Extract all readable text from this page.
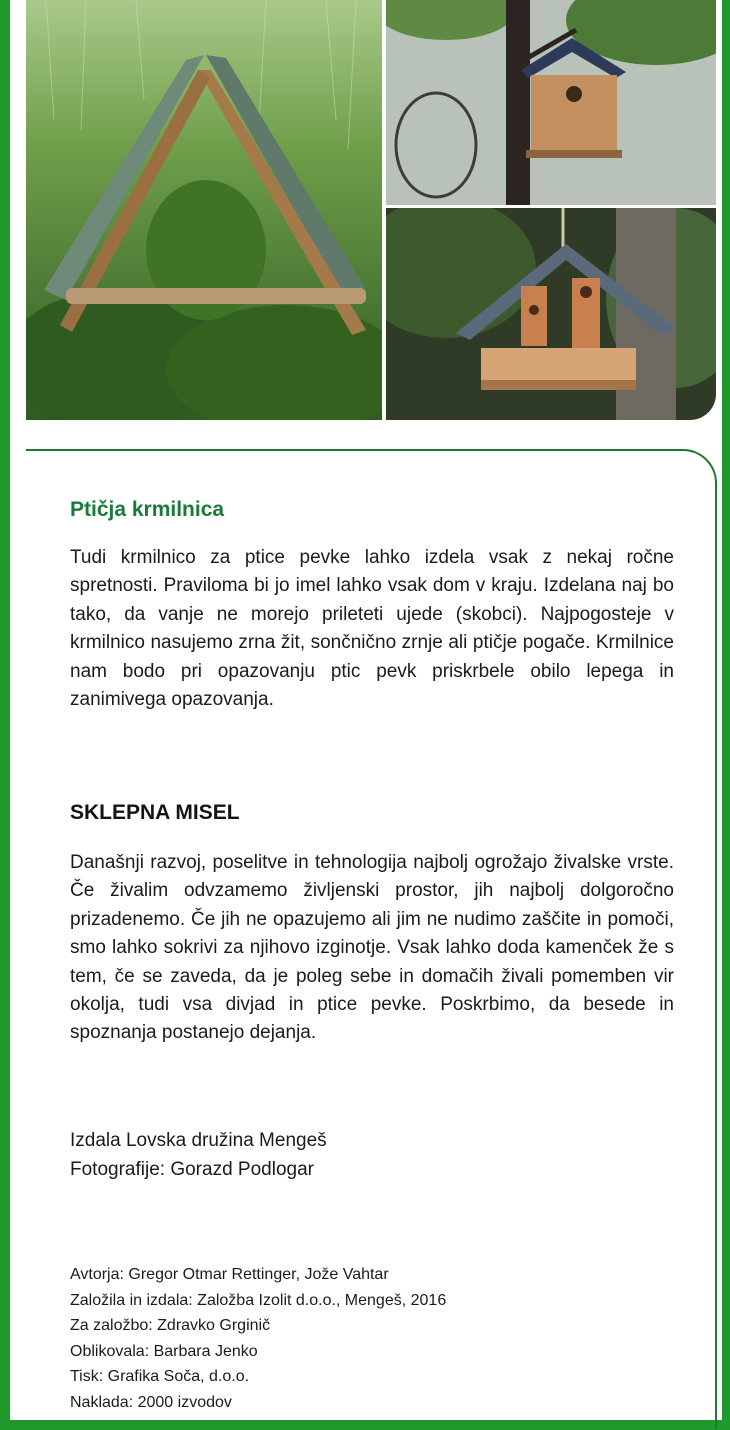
Ptičja krmilnica

Tudi krmilnico za ptice pevke lahko izdela vsak z nekaj ročne spretnosti. Praviloma bi jo imel lahko vsak dom v kraju. Izdelana naj bo tako, da vanje ne morejo prileteti ujede (skobci). Najpogosteje v krmilnico nasujemo zrna žit, sončnično zrnje ali ptičje pogače. Krmilnice nam bodo pri opazovanju ptic pevk priskrbele obilo lepega in zanimivega opazovanja.

SKLEPNA MISEL

Današnji razvoj, poselitve in tehnologija najbolj ogrožajo živalske vrste. Če živalim odvzamemo življenski prostor, jih najbolj dolgoročno prizadenemo. Če jih ne opazujemo ali jim ne nudimo zaščite in pomoči, smo lahko sokrivi za njihovo izginotje. Vsak lahko doda kamenček že s tem, če se zaveda, da je poleg sebe in domačih živali pomemben vir okolja, tudi vsa divjad in ptice pevke. Poskrbimo, da besede in spoznanja postanejo dejanja.

Izdala Lovska družina Mengeš
Fotografije: Gorazd Podlogar
Avtorja: Gregor Otmar Rettinger, Jože Vahtar
Založila in izdala: Založba Izolit d.o.o., Mengeš, 2016
Za založbo: Zdravko Grginič
Oblikovala: Barbara Jenko
Tisk: Grafika Soča, d.o.o.
Naklada: 2000 izvodov
